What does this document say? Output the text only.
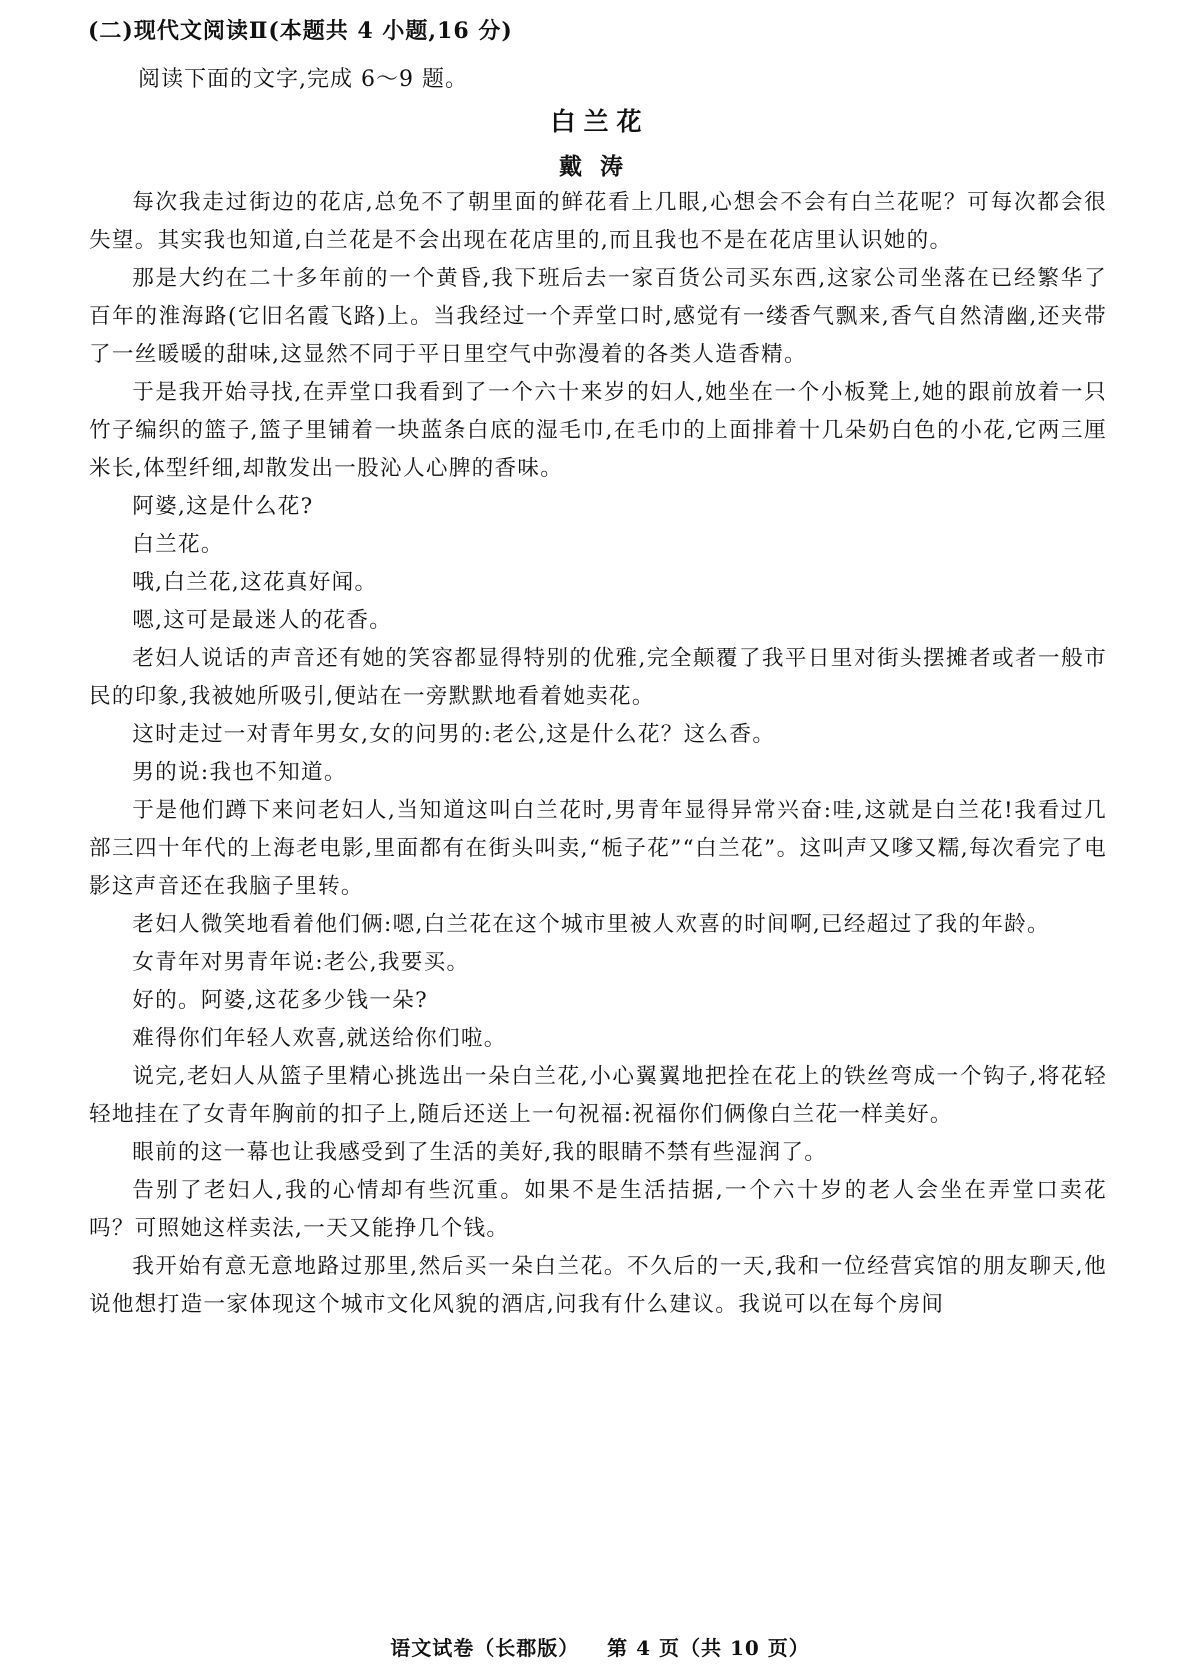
(二)现代文阅读Ⅱ(本题共 4 小题,16 分)
阅读下面的文字,完成 6～9 题。
白兰花
戴涛

每次我走过街边的花店,总免不了朝里面的鲜花看上几眼,心想会不会有白兰花呢？可每次都会很失望。其实我也知道,白兰花是不会出现在花店里的,而且我也不是在花店里认识她的。

那是大约在二十多年前的一个黄昏,我下班后去一家百货公司买东西,这家公司坐落在已经繁华了百年的淮海路(它旧名霞飞路)上。当我经过一个弄堂口时,感觉有一缕香气飘来,香气自然清幽,还夹带了一丝暖暖的甜味,这显然不同于平日里空气中弥漫着的各类人造香精。

于是我开始寻找,在弄堂口我看到了一个六十来岁的妇人,她坐在一个小板凳上,她的跟前放着一只竹子编织的篮子,篮子里铺着一块蓝条白底的湿毛巾,在毛巾的上面排着十几朵奶白色的小花,它两三厘米长,体型纤细,却散发出一股沁人心脾的香味。

阿婆,这是什么花?

白兰花。

哦,白兰花,这花真好闻。

嗯,这可是最迷人的花香。

老妇人说话的声音还有她的笑容都显得特别的优雅,完全颠覆了我平日里对街头摆摊者或者一般市民的印象,我被她所吸引,便站在一旁默默地看着她卖花。

这时走过一对青年男女,女的问男的:老公,这是什么花？这么香。

男的说:我也不知道。

于是他们蹲下来问老妇人,当知道这叫白兰花时,男青年显得异常兴奋:哇,这就是白兰花!我看过几部三四十年代的上海老电影,里面都有在街头叫卖,“栀子花”“白兰花”。这叫声又嗲又糯,每次看完了电影这声音还在我脑子里转。

老妇人微笑地看着他们俩:嗯,白兰花在这个城市里被人欢喜的时间啊,已经超过了我的年龄。

女青年对男青年说:老公,我要买。

好的。阿婆,这花多少钱一朵?

难得你们年轻人欢喜,就送给你们啦。

说完,老妇人从篮子里精心挑选出一朵白兰花,小心翼翼地把拴在花上的铁丝弯成一个钩子,将花轻轻地挂在了女青年胸前的扣子上,随后还送上一句祝福:祝福你们俩像白兰花一样美好。

眼前的这一幕也让我感受到了生活的美好,我的眼睛不禁有些湿润了。

告别了老妇人,我的心情却有些沉重。如果不是生活拮据,一个六十岁的老人会坐在弄堂口卖花吗？可照她这样卖法,一天又能挣几个钱。

我开始有意无意地路过那里,然后买一朵白兰花。不久后的一天,我和一位经营宾馆的朋友聊天,他说他想打造一家体现这个城市文化风貌的酒店,问我有什么建议。我说可以在每个房间

语文试卷（长郡版） 第 4 页（共 10 页）
